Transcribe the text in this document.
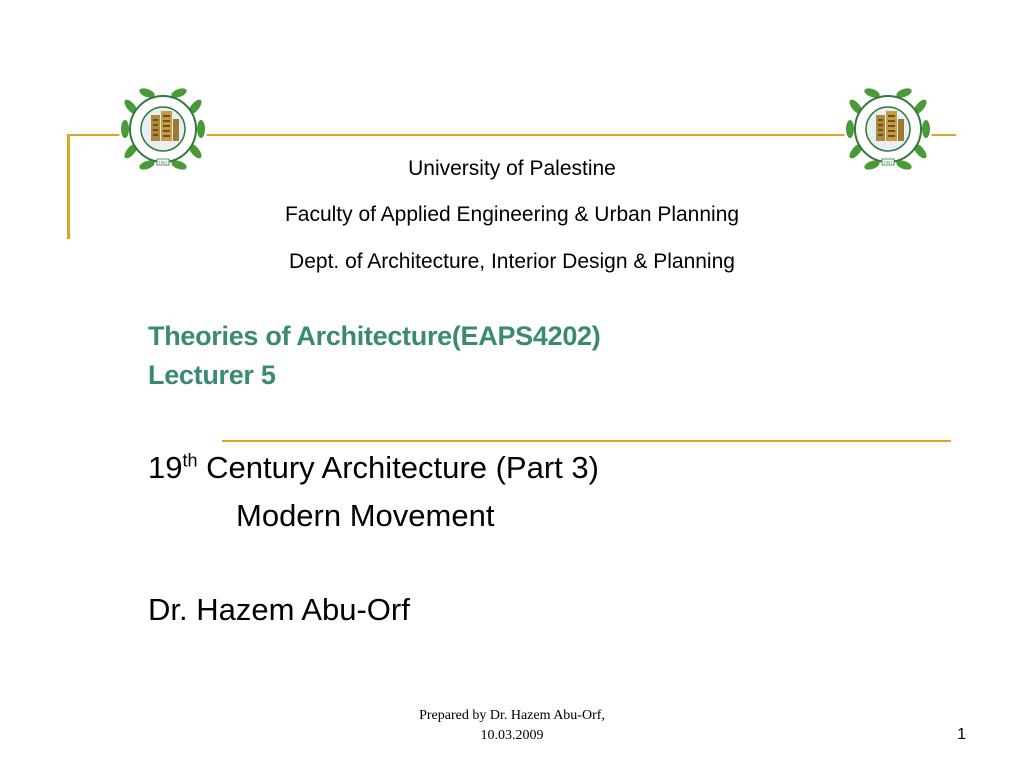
1991	1991
University of Palestine
Faculty of Applied Engineering & Urban Planning
Dept. of Architecture, Interior Design & Planning
Theories of Architecture(EAPS4202)
Lecturer 5
19th Century Architecture (Part 3)
Modern Movement
Dr. Hazem Abu-Orf
Prepared by Dr. Hazem Abu-Orf,
10.03.2009	1
